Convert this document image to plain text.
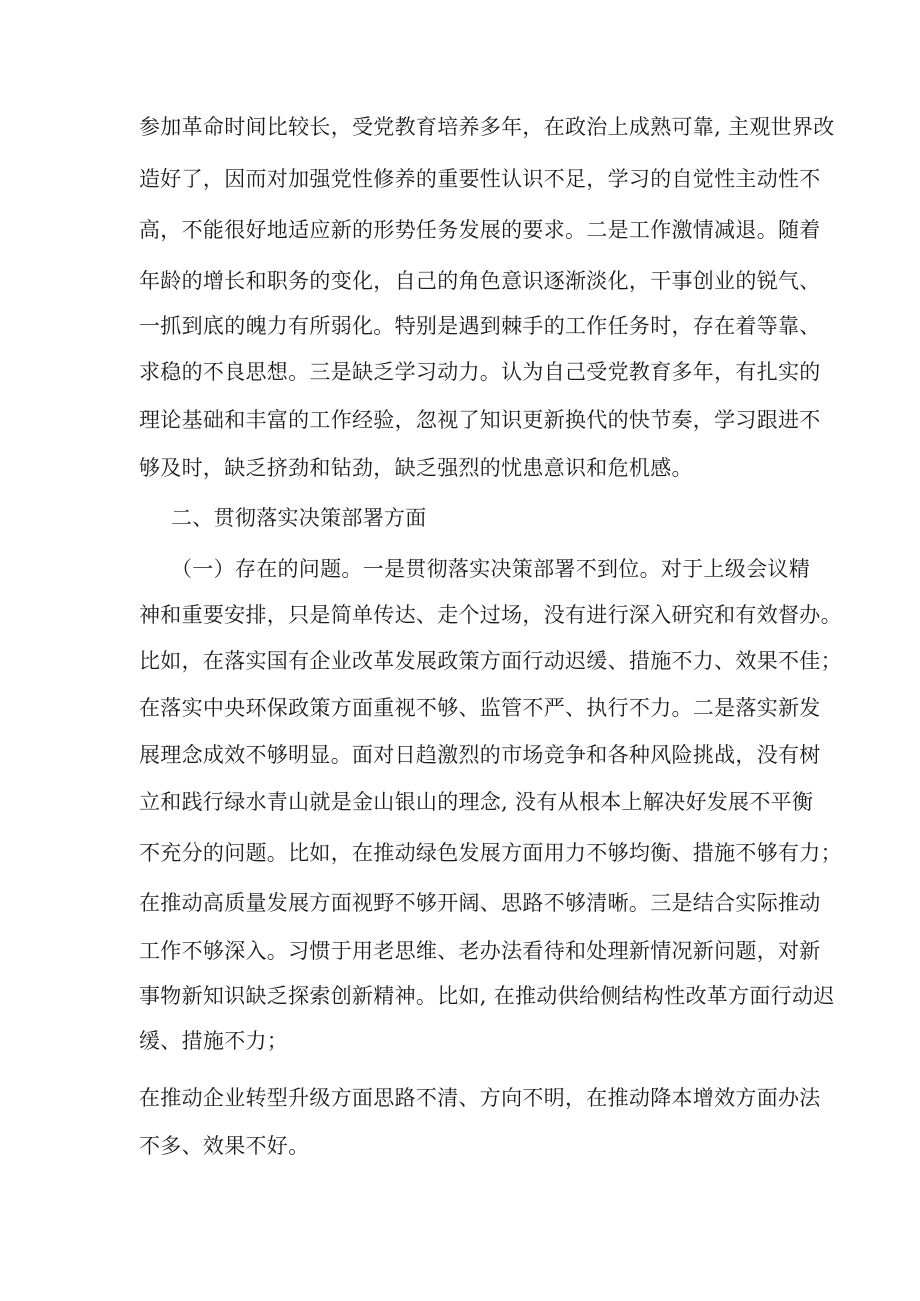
参加革命时间比较长，受党教育培养多年，在政治上成熟可靠, 主观世界改
造好了，因而对加强党性修养的重要性认识不足，学习的自觉性主动性不
高，不能很好地适应新的形势任务发展的要求。二是工作激情减退。随着
年龄的增长和职务的变化，自己的角色意识逐渐淡化，干事创业的锐气、
一抓到底的魄力有所弱化。特别是遇到棘手的工作任务时，存在着等靠、
求稳的不良思想。三是缺乏学习动力。认为自己受党教育多年，有扎实的
理论基础和丰富的工作经验，忽视了知识更新换代的快节奏，学习跟进不
够及时，缺乏挤劲和钻劲，缺乏强烈的忧患意识和危机感。
二、贯彻落实决策部署方面
（一）存在的问题。一是贯彻落实决策部署不到位。对于上级会议精
神和重要安排，只是简单传达、走个过场，没有进行深入研究和有效督办。
比如，在落实国有企业改革发展政策方面行动迟缓、措施不力、效果不佳；
在落实中央环保政策方面重视不够、监管不严、执行不力。二是落实新发
展理念成效不够明显。面对日趋激烈的市场竞争和各种风险挑战，没有树
立和践行绿水青山就是金山银山的理念, 没有从根本上解决好发展不平衡
不充分的问题。比如，在推动绿色发展方面用力不够均衡、措施不够有力；
在推动高质量发展方面视野不够开阔、思路不够清晰。三是结合实际推动
工作不够深入。习惯于用老思维、老办法看待和处理新情况新问题，对新
事物新知识缺乏探索创新精神。比如, 在推动供给侧结构性改革方面行动迟
缓、措施不力；
在推动企业转型升级方面思路不清、方向不明，在推动降本增效方面办法
不多、效果不好。
